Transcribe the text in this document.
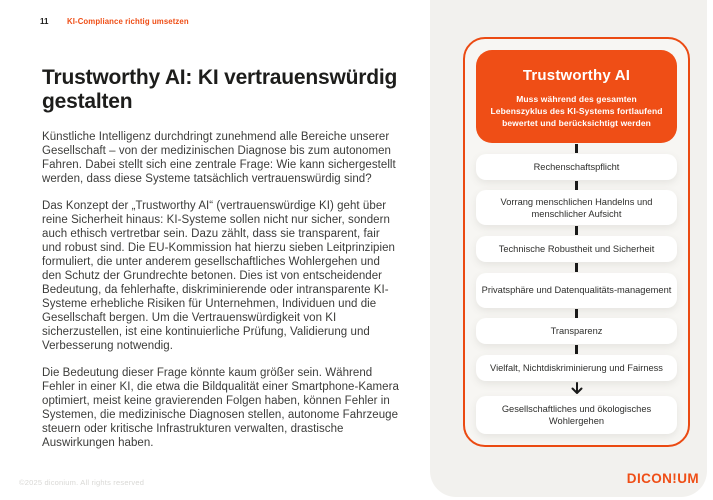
11 KI-Compliance richtig umsetzen
Trustworthy AI: KI vertrauenswürdig
gestalten

Künstliche Intelligenz durchdringt zunehmend alle Bereiche unserer Gesellschaft – von der medizinischen Diagnose bis zum autonomen Fahren. Dabei stellt sich eine zentrale Frage: Wie kann sichergestellt werden, dass diese Systeme tatsächlich vertrauenswürdig sind?

Das Konzept der „Trustworthy AI“ (vertrauenswürdige KI) geht über reine Sicherheit hinaus: KI-Systeme sollen nicht nur sicher, sondern auch ethisch vertretbar sein. Dazu zählt, dass sie transparent, fair und robust sind. Die EU-Kommission hat hierzu sieben Leitprinzipien formuliert, die unter anderem gesellschaftliches Wohlergehen und den Schutz der Grundrechte betonen. Dies ist von entscheidender Bedeutung, da fehlerhafte, diskriminierende oder intransparente KI-Systeme erhebliche Risiken für Unternehmen, Individuen und die Gesellschaft bergen. Um die Vertrauenswürdigkeit von KI sicherzustellen, ist eine kontinuierliche Prüfung, Validierung und Verbesserung notwendig.

Die Bedeutung dieser Frage könnte kaum größer sein. Während Fehler in einer KI, die etwa die Bildqualität einer Smartphone-Kamera optimiert, meist keine gravierenden Folgen haben, können Fehler in Systemen, die medizinische Diagnosen stellen, autonome Fahrzeuge steuern oder kritische Infrastrukturen verwalten, drastische Auswirkungen haben.

Trustworthy AI
Muss während des gesamten
Lebenszyklus des KI-Systems fortlaufend
bewertet und berücksichtigt werden
Rechenschaftspflicht
Vorrang menschlichen Handelns und menschlicher Aufsicht
Technische Robustheit und Sicherheit
Privatsphäre und Datenqualitäts-management
Transparenz
Vielfalt, Nichtdiskriminierung und Fairness
Gesellschaftliches und ökologisches Wohlergehen
©2025 diconium. All rights reserved	DICON!UM
